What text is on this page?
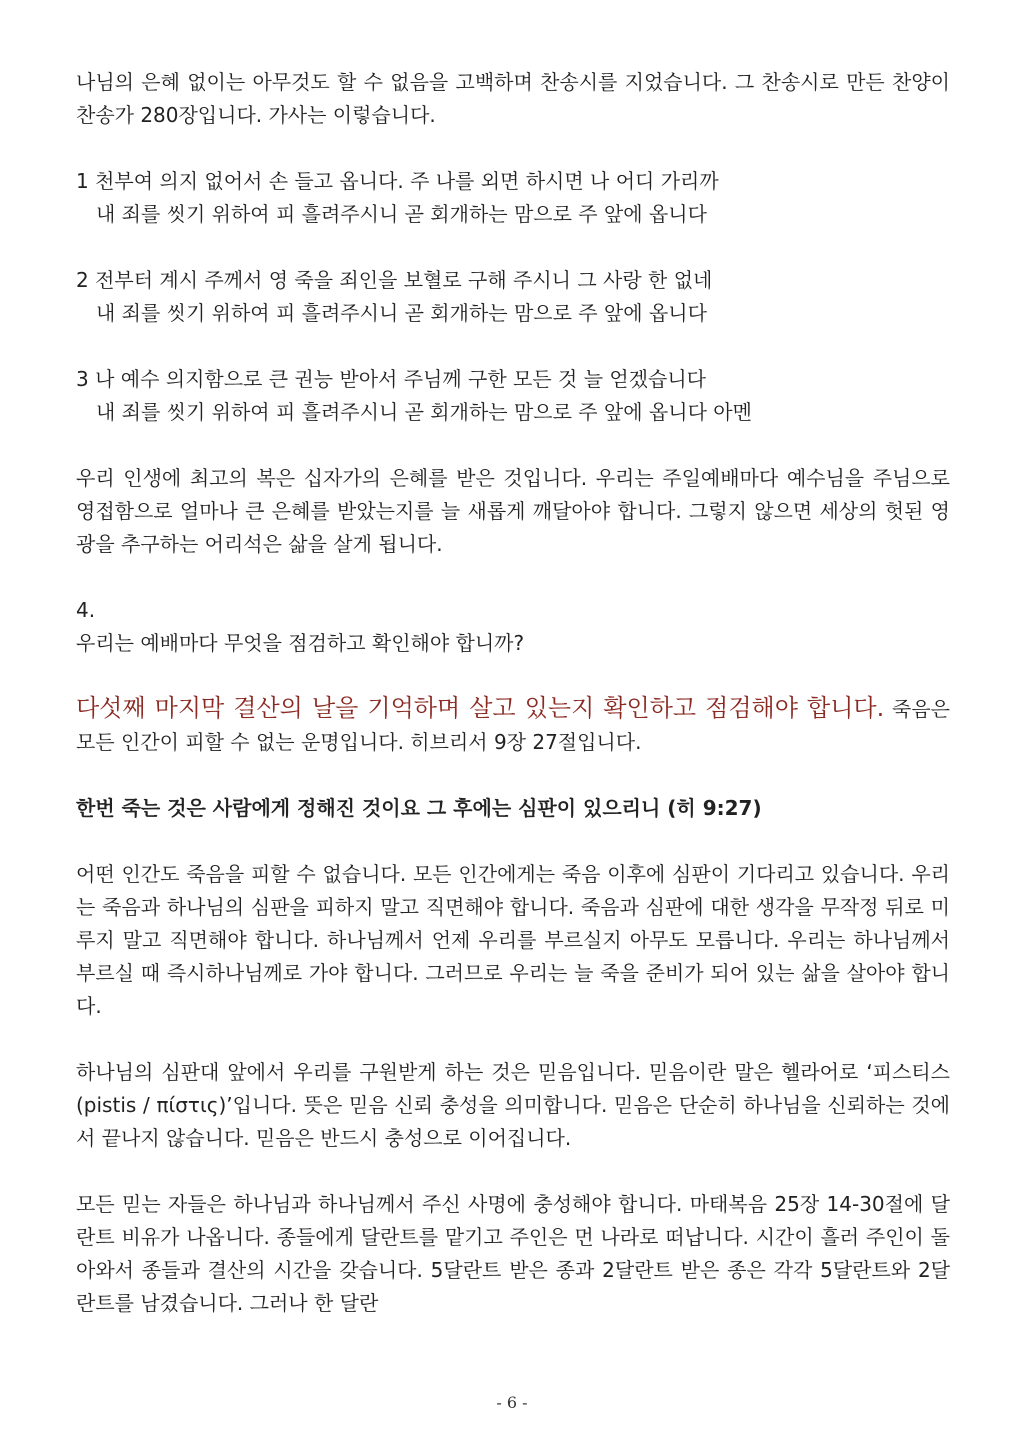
나님의 은혜 없이는 아무것도 할 수 없음을 고백하며 찬송시를 지었습니다. 그 찬송시로 만든 찬양이 찬송가 280장입니다. 가사는 이렇습니다.

1 천부여 의지 없어서 손 들고 옵니다. 주 나를 외면 하시면 나 어디 가리까

내 죄를 씻기 위하여 피 흘려주시니 곧 회개하는 맘으로 주 앞에 옵니다

2 전부터 계시 주께서 영 죽을 죄인을 보혈로 구해 주시니 그 사랑 한 없네

내 죄를 씻기 위하여 피 흘려주시니 곧 회개하는 맘으로 주 앞에 옵니다

3 나 예수 의지함으로 큰 권능 받아서 주님께 구한 모든 것 늘 얻겠습니다

내 죄를 씻기 위하여 피 흘려주시니 곧 회개하는 맘으로 주 앞에 옵니다 아멘

우리 인생에 최고의 복은 십자가의 은혜를 받은 것입니다. 우리는 주일예배마다 예수님을 주님으로 영접함으로 얼마나 큰 은혜를 받았는지를 늘 새롭게 깨달아야 합니다. 그렇지 않으면 세상의 헛된 영광을 추구하는 어리석은 삶을 살게 됩니다.

4.

우리는 예배마다 무엇을 점검하고 확인해야 합니까?

다섯째 마지막 결산의 날을 기억하며 살고 있는지 확인하고 점검해야 합니다. 죽음은 모든 인간이 피할 수 없는 운명입니다. 히브리서 9장 27절입니다.

한번 죽는 것은 사람에게 정해진 것이요 그 후에는 심판이 있으리니 (히 9:27)

어떤 인간도 죽음을 피할 수 없습니다. 모든 인간에게는 죽음 이후에 심판이 기다리고 있습니다. 우리는 죽음과 하나님의 심판을 피하지 말고 직면해야 합니다. 죽음과 심판에 대한 생각을 무작정 뒤로 미루지 말고 직면해야 합니다. 하나님께서 언제 우리를 부르실지 아무도 모릅니다. 우리는 하나님께서 부르실 때 즉시하나님께로 가야 합니다. 그러므로 우리는 늘 죽을 준비가 되어 있는 삶을 살아야 합니다.

하나님의 심판대 앞에서 우리를 구원받게 하는 것은 믿음입니다. 믿음이란 말은 헬라어로 ‘피스티스(pistis / πίστις)’입니다. 뜻은 믿음 신뢰 충성을 의미합니다. 믿음은 단순히 하나님을 신뢰하는 것에서 끝나지 않습니다. 믿음은 반드시 충성으로 이어집니다.

모든 믿는 자들은 하나님과 하나님께서 주신 사명에 충성해야 합니다. 마태복음 25장 14-30절에 달란트 비유가 나옵니다. 종들에게 달란트를 맡기고 주인은 먼 나라로 떠납니다. 시간이 흘러 주인이 돌아와서 종들과 결산의 시간을 갖습니다. 5달란트 받은 종과 2달란트 받은 종은 각각 5달란트와 2달란트를 남겼습니다. 그러나 한 달란

- 6 -
